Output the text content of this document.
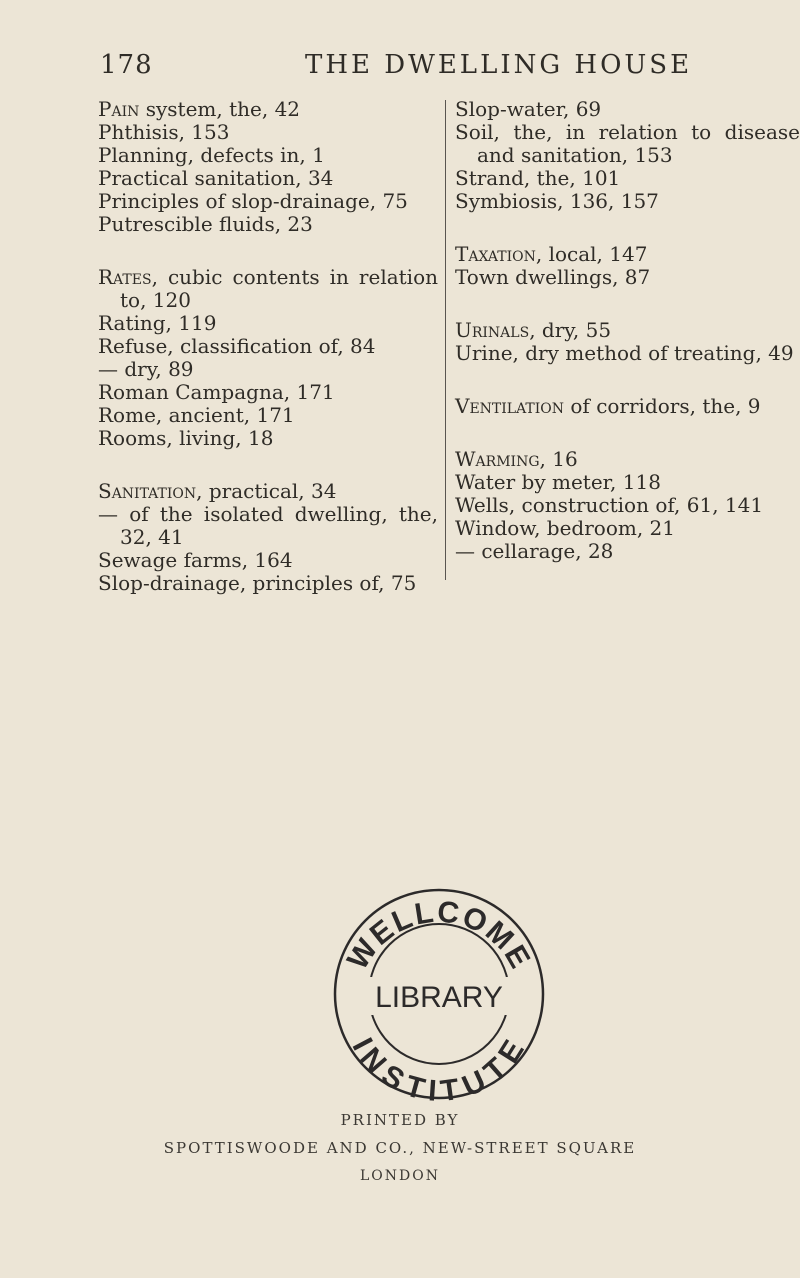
178	THE DWELLING HOUSE
Pain system, the, 42
Phthisis, 153
Planning, defects in, 1
Practical sanitation, 34
Principles of slop-drainage, 75
Putrescible fluids, 23
Rates, cubic contents in relation to, 120
Rating, 119
Refuse, classification of, 84
— dry, 89
Roman Campagna, 171
Rome, ancient, 171
Rooms, living, 18
Sanitation, practical, 34
— of the isolated dwelling, the, 32, 41
Sewage farms, 164
Slop-drainage, principles of, 75
Slop-water, 69
Soil, the, in relation to disease and sanitation, 153
Strand, the, 101
Symbiosis, 136, 157
Taxation, local, 147
Town dwellings, 87
Urinals, dry, 55
Urine, dry method of treating, 49
Ventilation of corridors, the, 9
Warming, 16
Water by meter, 118
Wells, construction of, 61, 141
Window, bedroom, 21
— cellarage, 28
WELLCOME
INSTITUTE
LIBRARY
PRINTED BY
SPOTTISWOODE AND CO., NEW-STREET SQUARE
LONDON
